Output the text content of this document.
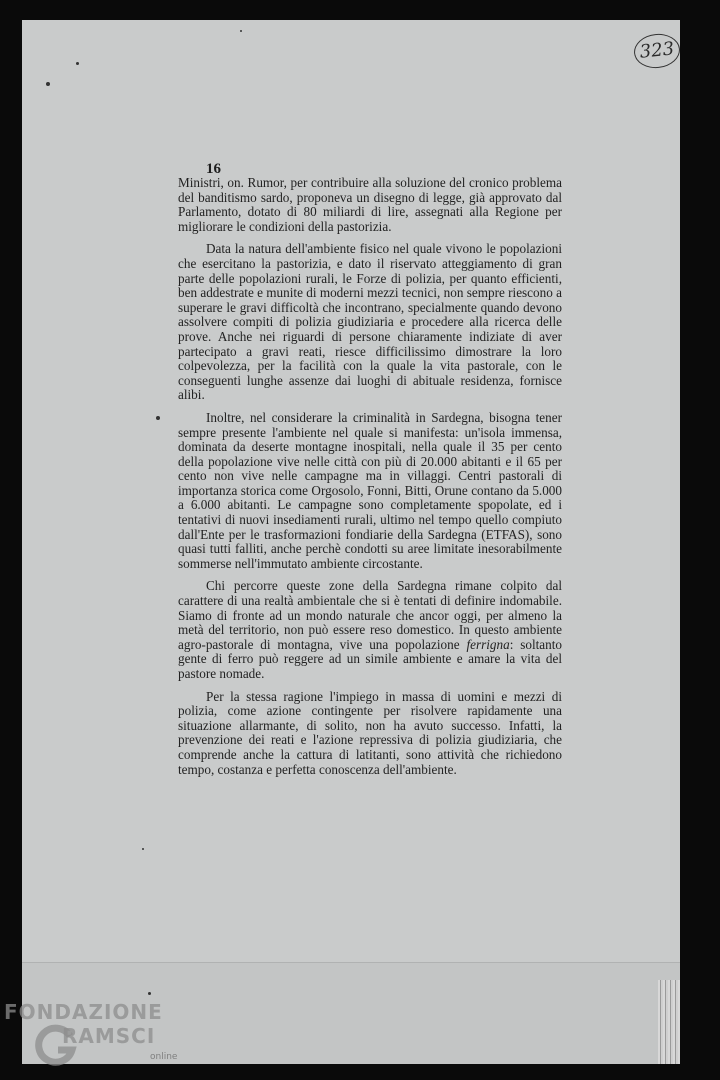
323
16

Ministri, on. Rumor, per contribuire alla soluzione del cronico problema del banditismo sardo, proponeva un disegno di legge, già approvato dal Parlamento, dotato di 80 miliardi di lire, assegnati alla Regione per migliorare le condizioni della pastorizia.

Data la natura dell'ambiente fisico nel quale vivono le popolazioni che esercitano la pastorizia, e dato il riservato atteggiamento di gran parte delle popolazioni rurali, le Forze di polizia, per quanto efficienti, ben addestrate e munite di moderni mezzi tecnici, non sempre riescono a superare le gravi difficoltà che incontrano, specialmente quando devono assolvere compiti di polizia giudiziaria e procedere alla ricerca delle prove. Anche nei riguardi di persone chiaramente indiziate di aver partecipato a gravi reati, riesce difficilissimo dimostrare la loro colpevolezza, per la facilità con la quale la vita pastorale, con le conseguenti lunghe assenze dai luoghi di abituale residenza, fornisce alibi.

Inoltre, nel considerare la criminalità in Sardegna, bisogna tener sempre presente l'ambiente nel quale si manifesta: un'isola immensa, dominata da deserte montagne inospitali, nella quale il 35 per cento della popolazione vive nelle città con più di 20.000 abitanti e il 65 per cento non vive nelle campagne ma in villaggi. Centri pastorali di importanza storica come Orgosolo, Fonni, Bitti, Orune contano da 5.000 a 6.000 abitanti. Le campagne sono completamente spopolate, ed i tentativi di nuovi insediamenti rurali, ultimo nel tempo quello compiuto dall'Ente per le trasformazioni fondiarie della Sardegna (ETFAS), sono quasi tutti falliti, anche perchè condotti su aree limitate inesorabilmente sommerse nell'immutato ambiente circostante.

Chi percorre queste zone della Sardegna rimane colpito dal carattere di una realtà ambientale che si è tentati di definire indomabile. Siamo di fronte ad un mondo naturale che ancor oggi, per almeno la metà del territorio, non può essere reso domestico. In questo ambiente agro-pastorale di montagna, vive una popolazione ferrigna: soltanto gente di ferro può reggere ad un simile ambiente e amare la vita del pastore nomade.

Per la stessa ragione l'impiego in massa di uomini e mezzi di polizia, come azione contingente per risolvere rapidamente una situazione allarmante, di solito, non ha avuto successo. Infatti, la prevenzione dei reati e l'azione repressiva di polizia giudiziaria, che comprende anche la cattura di latitanti, sono attività che richiedono tempo, costanza e perfetta conoscenza dell'ambiente.

FONDAZIONE
RAMSCI
online
